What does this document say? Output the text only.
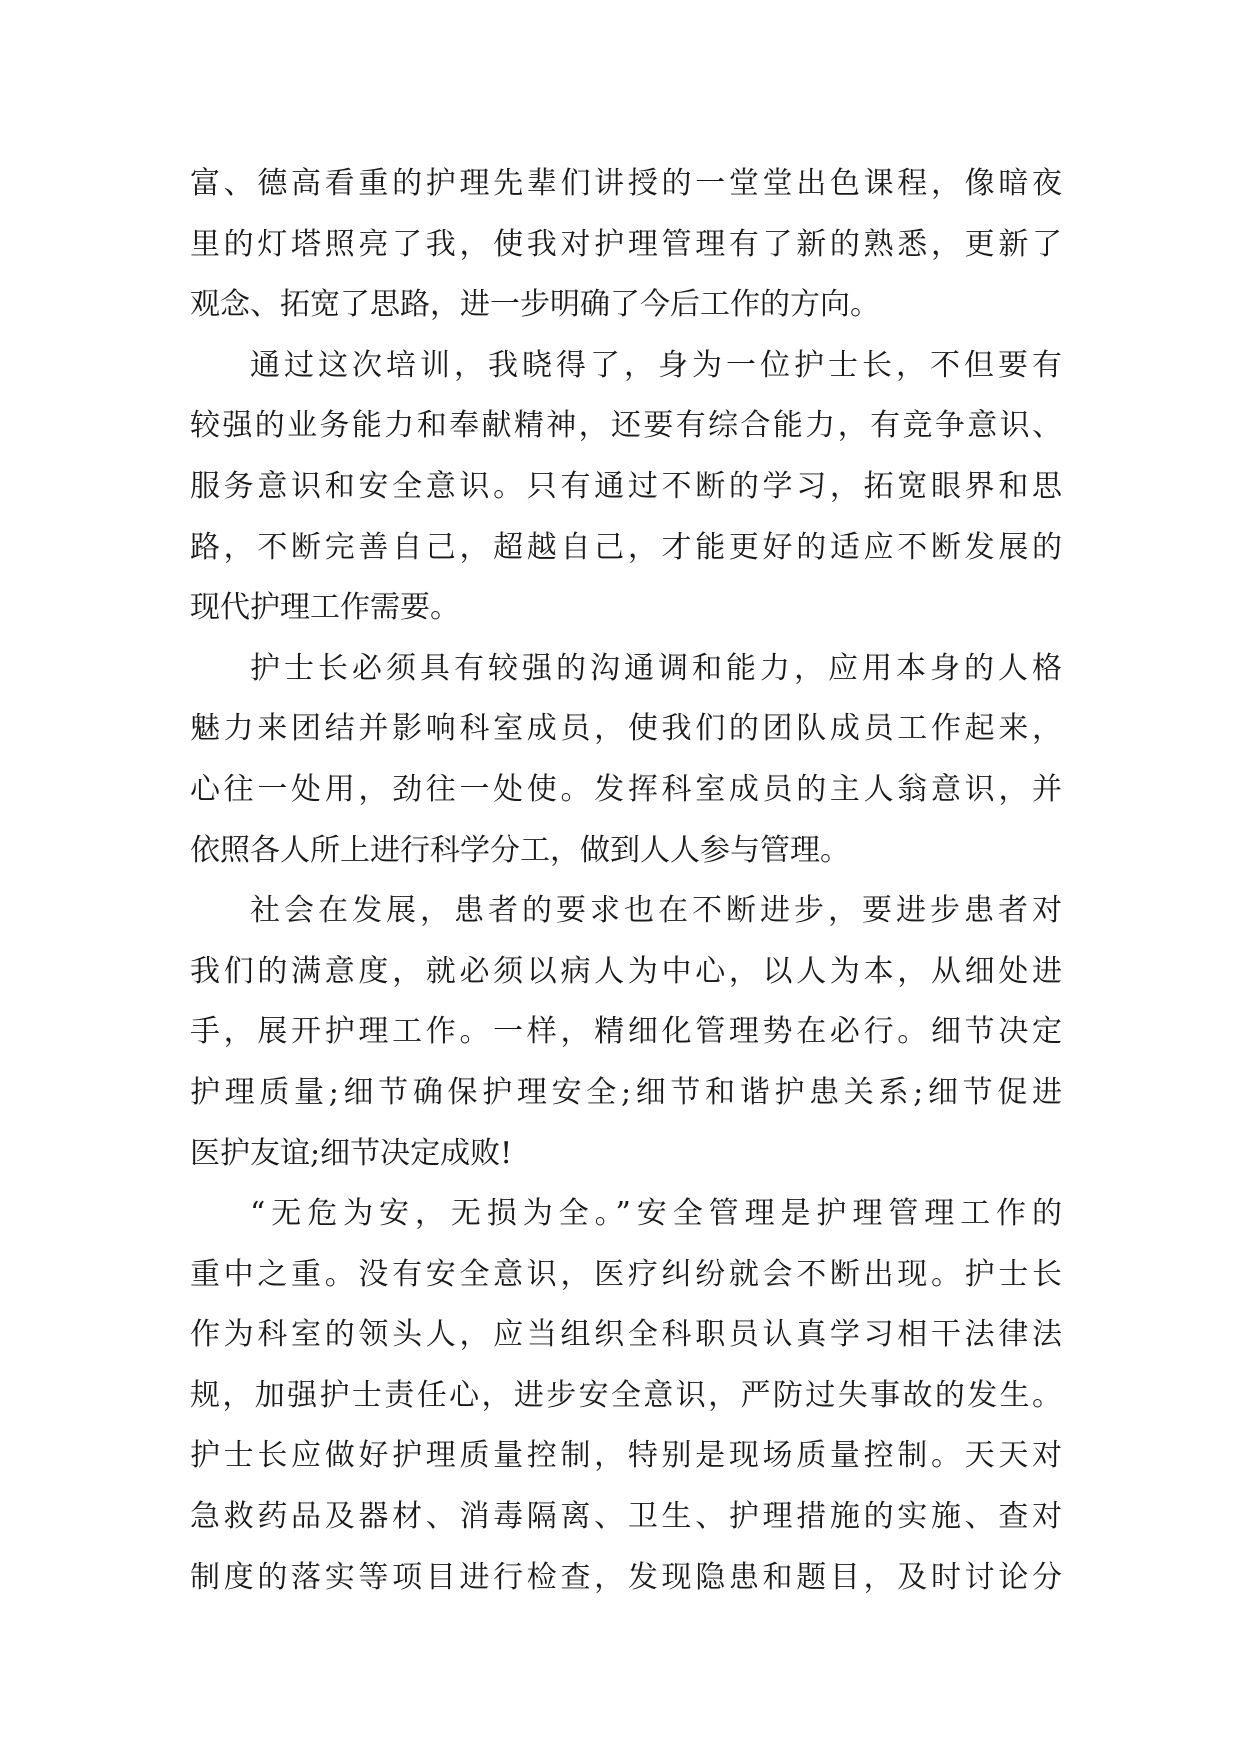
富、德高看重的护理先辈们讲授的一堂堂出色课程，像暗夜
里的灯塔照亮了我，使我对护理管理有了新的熟悉，更新了
观念、拓宽了思路，进一步明确了今后工作的方向。
通过这次培训，我晓得了，身为一位护士长，不但要有
较强的业务能力和奉献精神，还要有综合能力，有竞争意识、
服务意识和安全意识。只有通过不断的学习，拓宽眼界和思
路，不断完善自己，超越自己，才能更好的适应不断发展的
现代护理工作需要。
护士长必须具有较强的沟通调和能力，应用本身的人格
魅力来团结并影响科室成员，使我们的团队成员工作起来，
心往一处用，劲往一处使。发挥科室成员的主人翁意识，并
依照各人所上进行科学分工，做到人人参与管理。
社会在发展，患者的要求也在不断进步，要进步患者对
我们的满意度，就必须以病人为中心，以人为本，从细处进
手，展开护理工作。一样，精细化管理势在必行。细节决定
护理质量;细节确保护理安全;细节和谐护患关系;细节促进
医护友谊;细节决定成败!
“无危为安，无损为全。”安全管理是护理管理工作的
重中之重。没有安全意识，医疗纠纷就会不断出现。护士长
作为科室的领头人，应当组织全科职员认真学习相干法律法
规，加强护士责任心，进步安全意识，严防过失事故的发生。
护士长应做好护理质量控制，特别是现场质量控制。天天对
急救药品及器材、消毒隔离、卫生、护理措施的实施、查对
制度的落实等项目进行检查，发现隐患和题目，及时讨论分
